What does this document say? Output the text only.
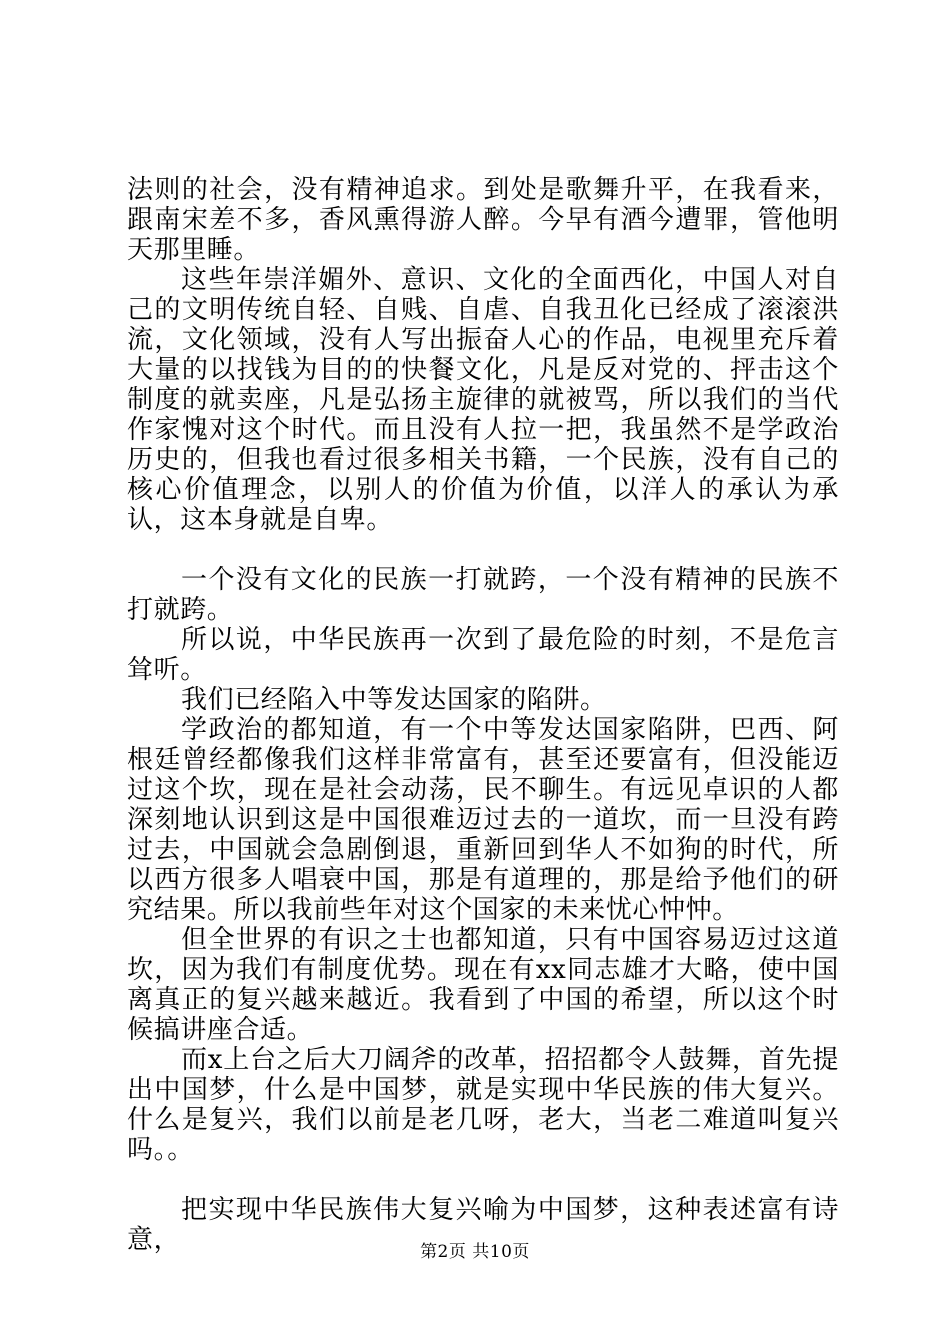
法则的社会，没有精神追求。到处是歌舞升平，在我看来，跟南宋差不多，香风熏得游人醉。今早有酒今遭罪，管他明天那里睡。

这些年崇洋媚外、意识、文化的全面西化，中国人对自己的文明传统自轻、自贱、自虐、自我丑化已经成了滚滚洪流，文化领域，没有人写出振奋人心的作品，电视里充斥着大量的以找钱为目的的快餐文化，凡是反对党的、抨击这个制度的就卖座，凡是弘扬主旋律的就被骂，所以我们的当代作家愧对这个时代。而且没有人拉一把，我虽然不是学政治历史的，但我也看过很多相关书籍，一个民族，没有自己的核心价值理念，以别人的价值为价值，以洋人的承认为承认，这本身就是自卑。

一个没有文化的民族一打就跨，一个没有精神的民族不打就跨。

所以说，中华民族再一次到了最危险的时刻，不是危言耸听。

我们已经陷入中等发达国家的陷阱。

学政治的都知道，有一个中等发达国家陷阱，巴西、阿根廷曾经都像我们这样非常富有，甚至还要富有，但没能迈过这个坎，现在是社会动荡，民不聊生。有远见卓识的人都深刻地认识到这是中国很难迈过去的一道坎，而一旦没有跨过去，中国就会急剧倒退，重新回到华人不如狗的时代，所以西方很多人唱衰中国，那是有道理的，那是给予他们的研究结果。所以我前些年对这个国家的未来忧心忡忡。

但全世界的有识之士也都知道，只有中国容易迈过这道坎，因为我们有制度优势。现在有xx同志雄才大略，使中国离真正的复兴越来越近。我看到了中国的希望，所以这个时候搞讲座合适。

而x上台之后大刀阔斧的改革，招招都令人鼓舞，首先提出中国梦，什么是中国梦，就是实现中华民族的伟大复兴。什么是复兴，我们以前是老几呀，老大，当老二难道叫复兴吗。。

把实现中华民族伟大复兴喻为中国梦，这种表述富有诗意，	第2页 共10页
